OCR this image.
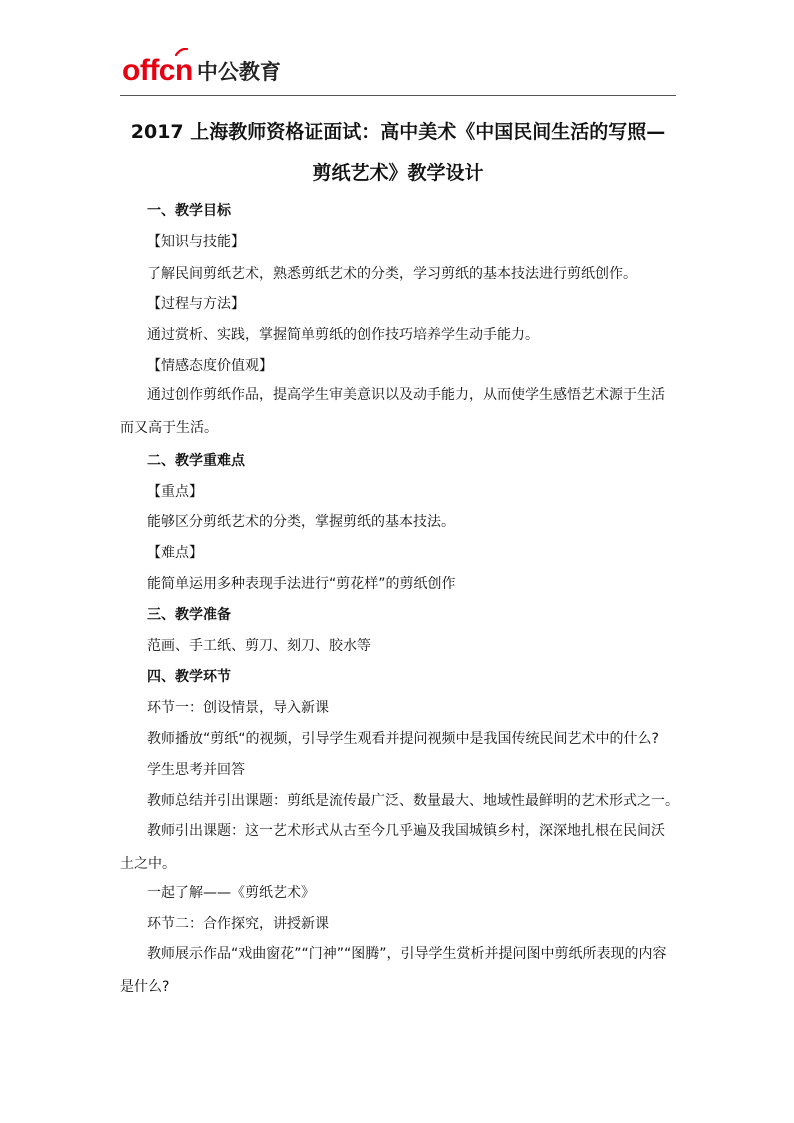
offcn 中公教育
2017 上海教师资格证面试：高中美术《中国民间生活的写照—
剪纸艺术》教学设计
一、教学目标
【知识与技能】
了解民间剪纸艺术，熟悉剪纸艺术的分类，学习剪纸的基本技法进行剪纸创作。
【过程与方法】
通过赏析、实践，掌握简单剪纸的创作技巧培养学生动手能力。
【情感态度价值观】

通过创作剪纸作品，提高学生审美意识以及动手能力，从而使学生感悟艺术源于生活而又高于生活。

二、教学重难点
【重点】
能够区分剪纸艺术的分类，掌握剪纸的基本技法。
【难点】
能简单运用多种表现手法进行“剪花样”的剪纸创作
三、教学准备
范画、手工纸、剪刀、刻刀、胶水等
四、教学环节
环节一：创设情景，导入新课
教师播放“剪纸“的视频，引导学生观看并提问视频中是我国传统民间艺术中的什么?
学生思考并回答
教师总结并引出课题：剪纸是流传最广泛、数量最大、地域性最鲜明的艺术形式之一。

教师引出课题：这一艺术形式从古至今几乎遍及我国城镇乡村，深深地扎根在民间沃土之中。

一起了解——《剪纸艺术》
环节二：合作探究，讲授新课

教师展示作品“戏曲窗花”“门神”“图腾”，引导学生赏析并提问图中剪纸所表现的内容是什么?
